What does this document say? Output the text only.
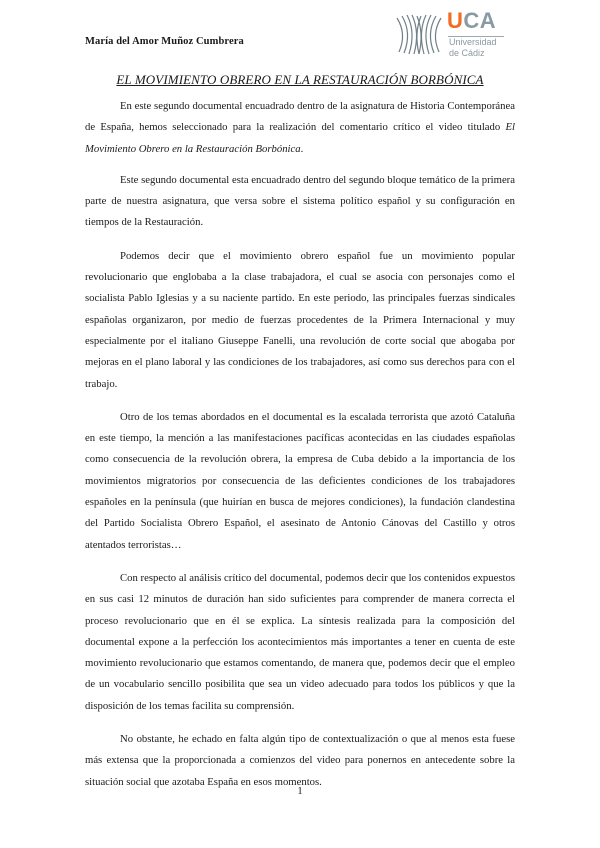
María del Amor Muñoz Cumbrera
UCA
Universidad
de Cádiz
EL MOVIMIENTO OBRERO EN LA RESTAURACIÓN BORBÓNICA

En este segundo documental encuadrado dentro de la asignatura de Historia Contemporánea de España, hemos seleccionado para la realización del comentario crítico el video titulado El Movimiento Obrero en la Restauración Borbónica.

Este segundo documental esta encuadrado dentro del segundo bloque temático de la primera parte de nuestra asignatura, que versa sobre el sistema político español y su configuración en tiempos de la Restauración.

Podemos decir que el movimiento obrero español fue un movimiento popular revolucionario que englobaba a la clase trabajadora, el cual se asocia con personajes como el socialista Pablo Iglesias y a su naciente partido. En este periodo, las principales fuerzas sindicales españolas organizaron, por medio de fuerzas procedentes de la Primera Internacional y muy especialmente por el italiano Giuseppe Fanelli, una revolución de corte social que abogaba por mejoras en el plano laboral y las condiciones de los trabajadores, así como sus derechos para con el trabajo.

Otro de los temas abordados en el documental es la escalada terrorista que azotó Cataluña en este tiempo, la mención a las manifestaciones pacíficas acontecidas en las ciudades españolas como consecuencia de la revolución obrera, la empresa de Cuba debido a la importancia de los movimientos migratorios por consecuencia de las deficientes condiciones de los trabajadores españoles en la península (que huirían en busca de mejores condiciones), la fundación clandestina del Partido Socialista Obrero Español, el asesinato de Antonio Cánovas del Castillo y otros atentados terroristas…

Con respecto al análisis crítico del documental, podemos decir que los contenidos expuestos en sus casi 12 minutos de duración han sido suficientes para comprender de manera correcta el proceso revolucionario que en él se explica. La síntesis realizada para la composición del documental expone a la perfección los acontecimientos más importantes a tener en cuenta de este movimiento revolucionario que estamos comentando, de manera que, podemos decir que el empleo de un vocabulario sencillo posibilita que sea un video adecuado para todos los públicos y que la disposición de los temas facilita su comprensión.

No obstante, he echado en falta algún tipo de contextualización o que al menos esta fuese más extensa que la proporcionada a comienzos del video para ponernos en antecedente sobre la situación social que azotaba España en esos momentos.

1
